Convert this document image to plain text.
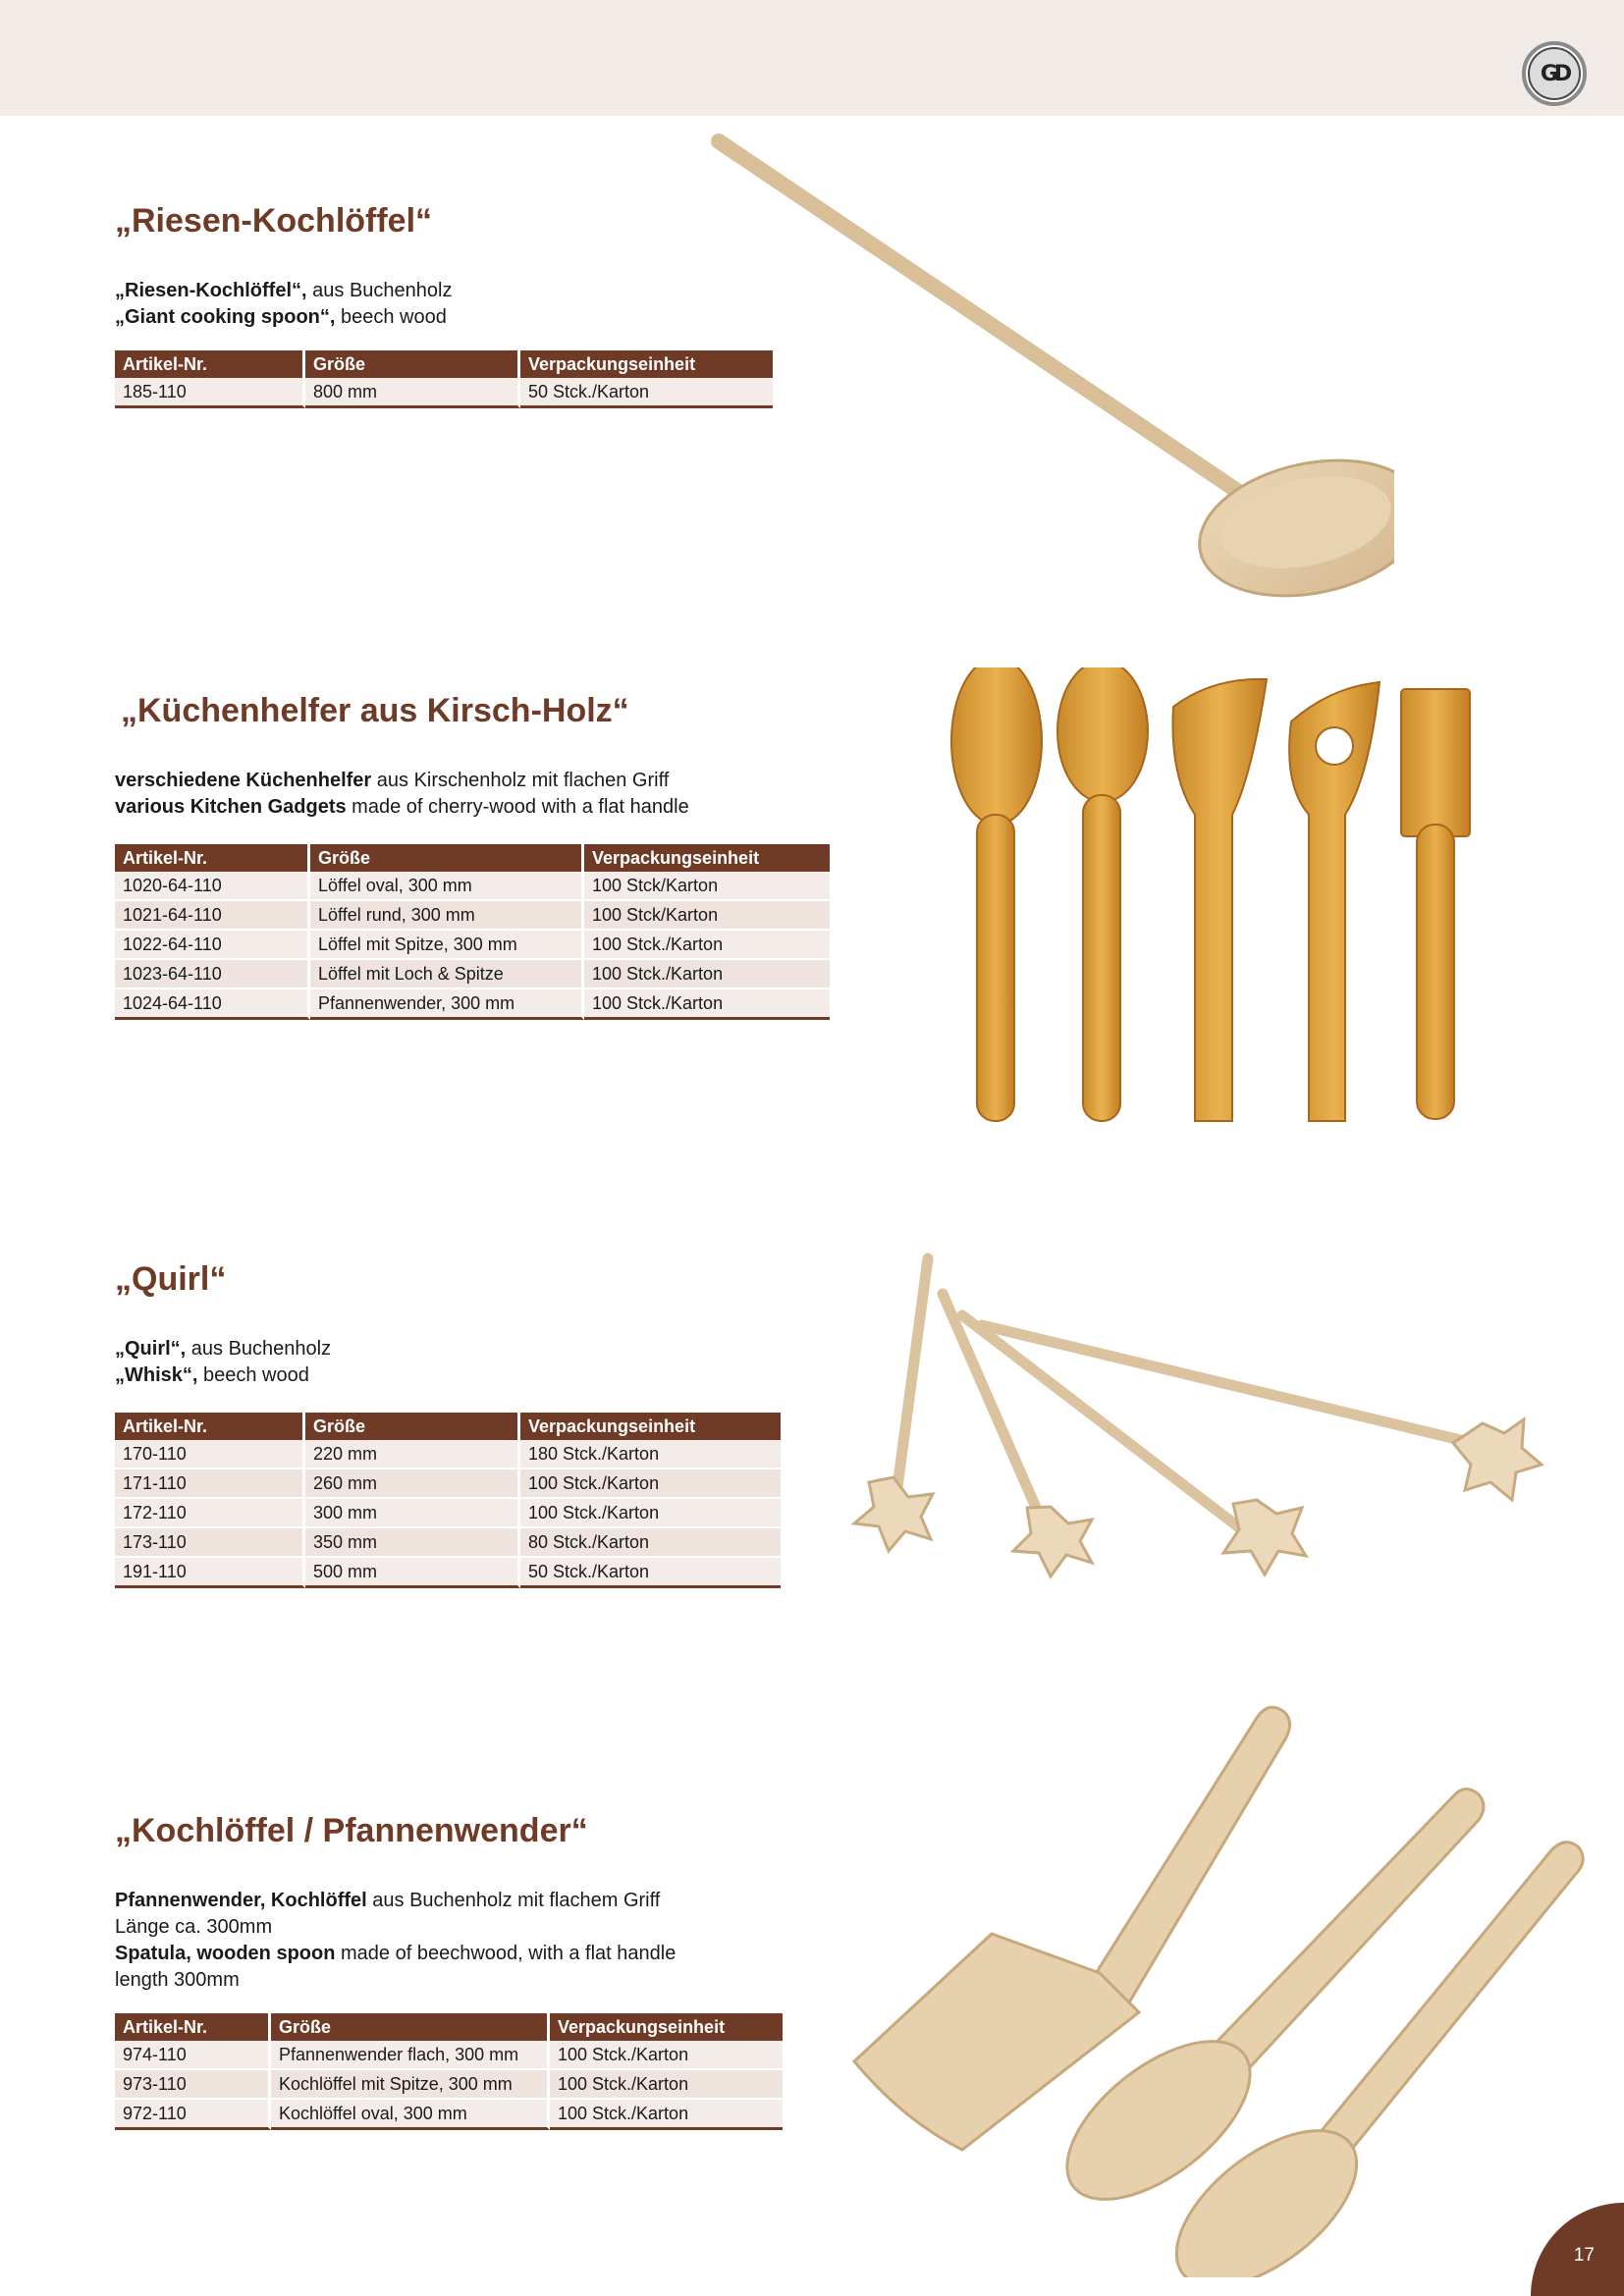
GD
„Riesen-Kochlöffel“
„Riesen-Kochlöffel“, aus Buchenholz
„Giant cooking spoon“, beech wood
Artikel-Nr.	Größe	Verpackungseinheit
185-110	800 mm	50 Stck./Karton
„Küchenhelfer aus Kirsch-Holz“
verschiedene Küchenhelfer aus Kirschenholz mit flachen Griff
various Kitchen Gadgets made of cherry-wood with a flat handle
Artikel-Nr.	Größe	Verpackungseinheit
1020-64-110	Löffel oval, 300 mm	100 Stck/Karton
1021-64-110	Löffel rund, 300 mm	100 Stck/Karton
1022-64-110	Löffel mit Spitze, 300 mm	100 Stck./Karton
1023-64-110	Löffel mit Loch & Spitze	100 Stck./Karton
1024-64-110	Pfannenwender, 300 mm	100 Stck./Karton
„Quirl“
„Quirl“, aus Buchenholz
„Whisk“, beech wood
Artikel-Nr.	Größe	Verpackungseinheit
170-110	220 mm	180 Stck./Karton
171-110	260 mm	100 Stck./Karton
172-110	300 mm	100 Stck./Karton
173-110	350 mm	80 Stck./Karton
191-110	500 mm	50 Stck./Karton
„Kochlöffel / Pfannenwender“
Pfannenwender, Kochlöffel aus Buchenholz mit flachem Griff
Länge ca. 300mm
Spatula, wooden spoon made of beechwood, with a flat handle
length 300mm
Artikel-Nr.	Größe	Verpackungseinheit
974-110	Pfannenwender flach, 300 mm	100 Stck./Karton
973-110	Kochlöffel mit Spitze, 300 mm	100 Stck./Karton
972-110	Kochlöffel oval, 300 mm	100 Stck./Karton
17
